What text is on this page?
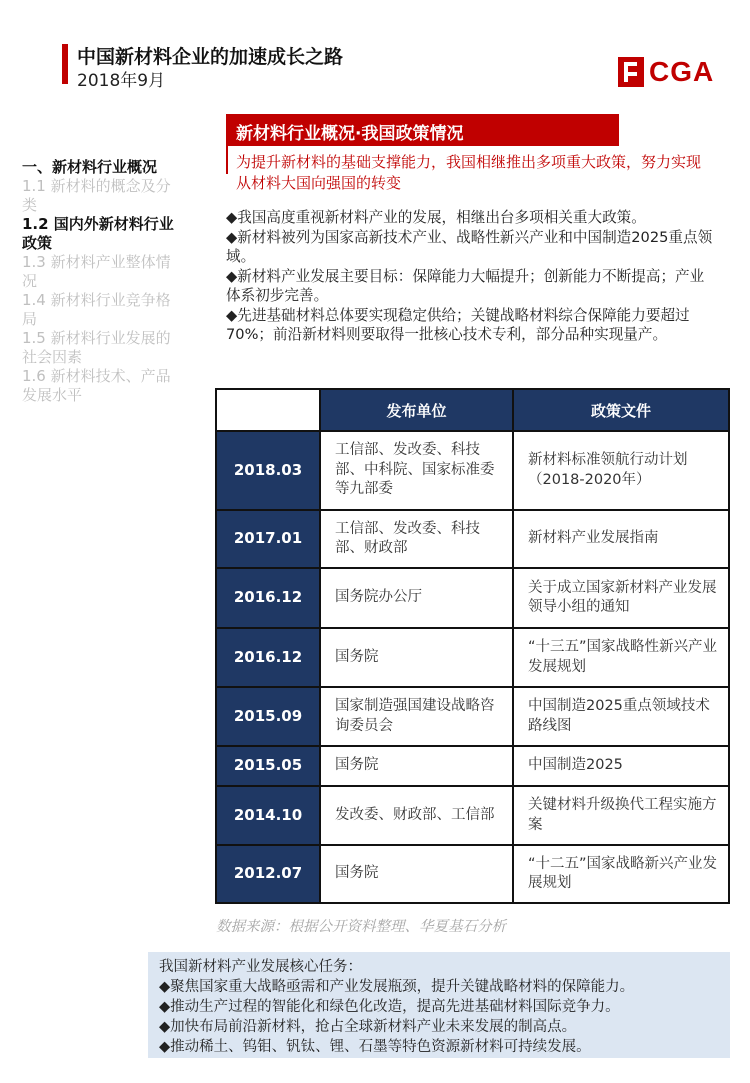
中国新材料企业的加速成长之路
2018年9月	CGA
新材料行业概况·我国政策情况
为提升新材料的基础支撑能力，我国相继推出多项重大政策，努力实现从材料大国向强国的转变
一、新材料行业概况
1.1 新材料的概念及分类
1.2 国内外新材料行业政策
1.3 新材料产业整体情况
1.4 新材料行业竞争格局
1.5 新材料行业发展的社会因素
1.6 新材料技术、产品发展水平
◆我国高度重视新材料产业的发展，相继出台多项相关重大政策。
◆新材料被列为国家高新技术产业、战略性新兴产业和中国制造2025重点领域。
◆新材料产业发展主要目标：保障能力大幅提升；创新能力不断提高；产业体系初步完善。
◆先进基础材料总体要实现稳定供给；关键战略材料综合保障能力要超过70%；前沿新材料则要取得一批核心技术专利，部分品种实现量产。
	发布单位	政策文件
2018.03	工信部、发改委、科技部、中科院、国家标准委等九部委	新材料标准领航行动计划（2018-2020年）
2017.01	工信部、发改委、科技部、财政部	新材料产业发展指南
2016.12	国务院办公厅	关于成立国家新材料产业发展领导小组的通知
2016.12	国务院	“十三五”国家战略性新兴产业发展规划
2015.09	国家制造强国建设战略咨询委员会	中国制造2025重点领域技术路线图
2015.05	国务院	中国制造2025
2014.10	发改委、财政部、工信部	关键材料升级换代工程实施方案
2012.07	国务院	“十二五”国家战略新兴产业发展规划
数据来源：根据公开资料整理、华夏基石分析
我国新材料产业发展核心任务：
◆聚焦国家重大战略亟需和产业发展瓶颈，提升关键战略材料的保障能力。
◆推动生产过程的智能化和绿色化改造，提高先进基础材料国际竞争力。
◆加快布局前沿新材料，抢占全球新材料产业未来发展的制高点。
◆推动稀土、钨钼、钒钛、锂、石墨等特色资源新材料可持续发展。
